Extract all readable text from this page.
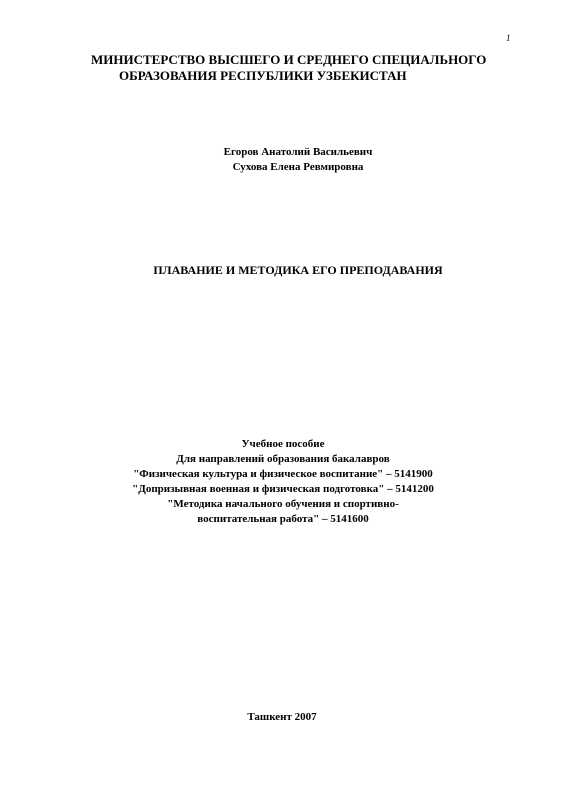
1
МИНИСТЕРСТВО ВЫСШЕГО И СРЕДНЕГО СПЕЦИАЛЬНОГО
ОБРАЗОВАНИЯ РЕСПУБЛИКИ УЗБЕКИСТАН
Егоров Анатолий Васильевич
Сухова Елена Ревмировна
ПЛАВАНИЕ И МЕТОДИКА ЕГО ПРЕПОДАВАНИЯ
Учебное пособие
Для направлений образования бакалавров
"Физическая культура и физическое воспитание" – 5141900
"Допризывная военная и физическая подготовка" – 5141200
"Методика начального обучения и спортивно-
воспитательная работа" – 5141600
Ташкент 2007
